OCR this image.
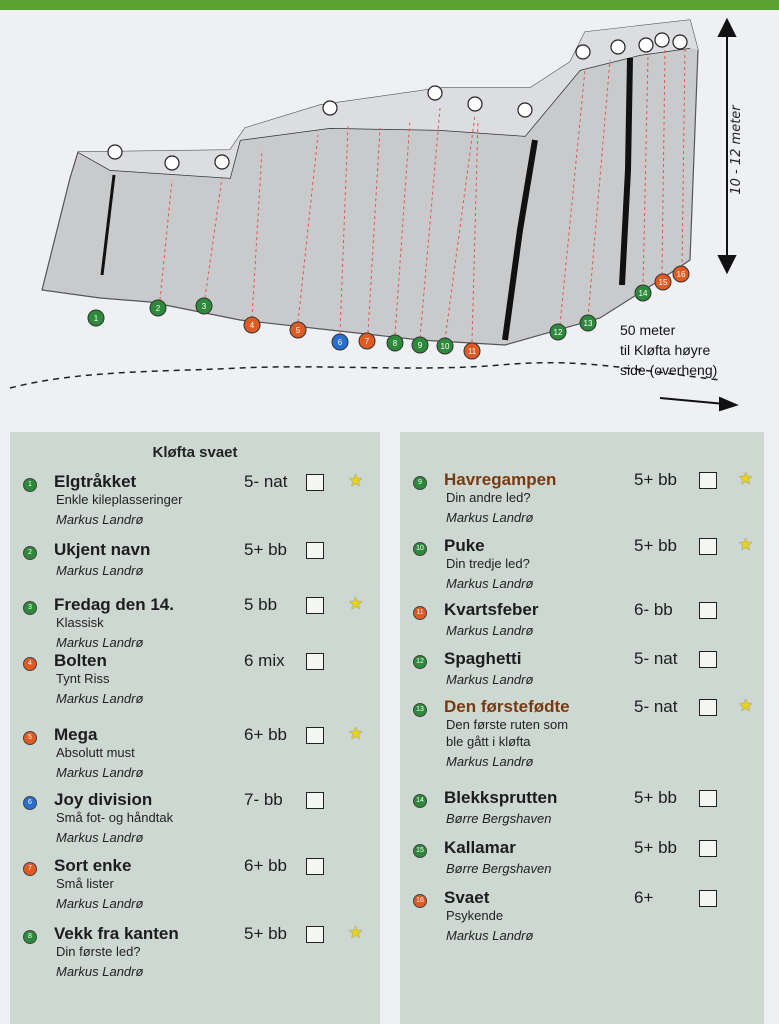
10 - 12 meter
50 meter
til Kløfta høyre
side (overheng)
1
2	3
4
5
6	7	8	9 10
11
12
13
14
15
16
Kløfta svaet
1 Elgtråkket	5- nat
Enkle kileplasseringer
Markus Landrø
★
2 Ukjent navn	5+ bb
Markus Landrø
3 Fredag den 14.	5 bb
Klassisk
Markus Landrø
★
4 Bolten	6 mix
Tynt Riss
Markus Landrø
5 Mega	6+ bb
Absolutt must
Markus Landrø
★
6 Joy division	7- bb
Små fot- og håndtak
Markus Landrø
7 Sort enke	6+ bb
Små lister
Markus Landrø
8 Vekk fra kanten	5+ bb
Din første led?
Markus Landrø
★
9 Havregampen	5+ bb
Din andre led?
Markus Landrø
★
10 Puke	5+ bb
Din tredje led?
Markus Landrø
★
11 Kvartsfeber	6- bb
Markus Landrø
12 Spaghetti	5- nat
Markus Landrø
13 Den førstefødte	5- nat
Den første ruten som
ble gått i kløfta
Markus Landrø
★
14 Blekksprutten	5+ bb
Børre Bergshaven
15 Kallamar	5+ bb
Børre Bergshaven
16 Svaet	6+
Psykende
Markus Landrø
